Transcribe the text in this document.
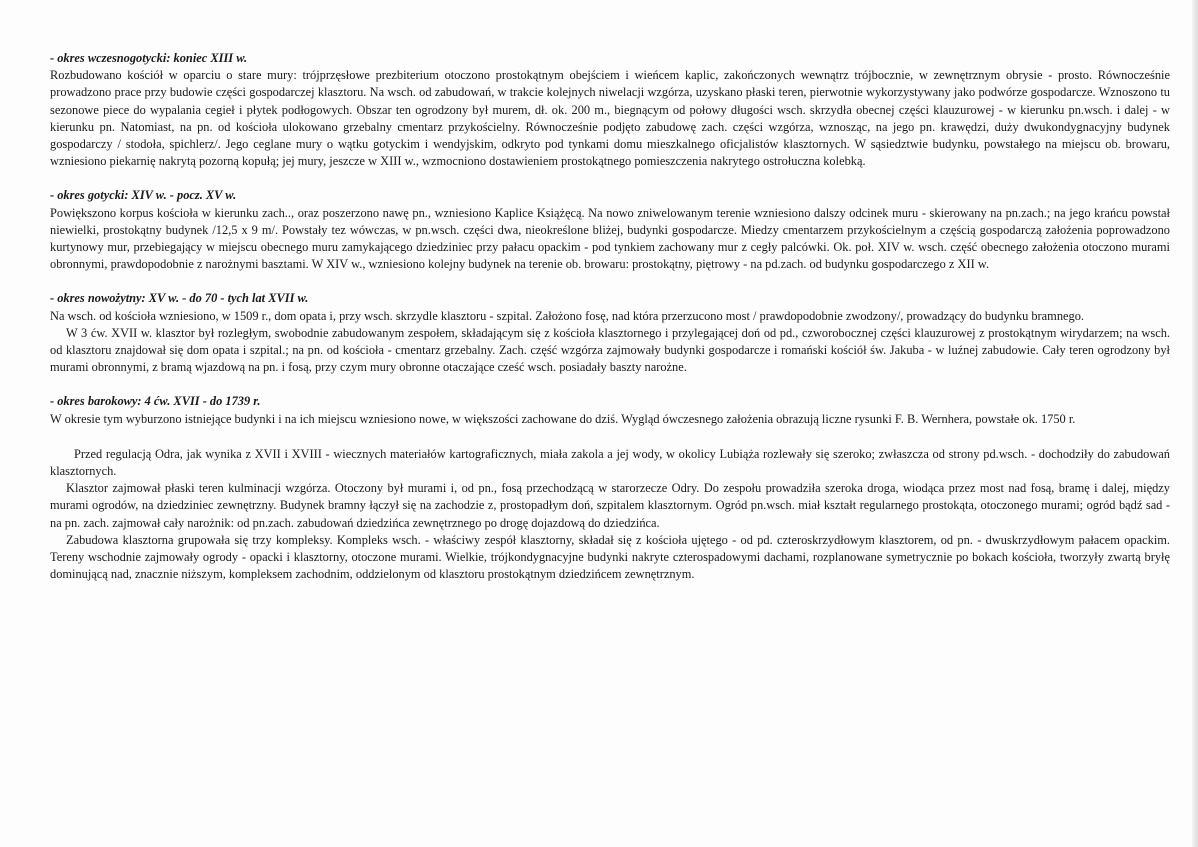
- okres wczesnogotycki: koniec XIII w.

Rozbudowano kościół w oparciu o stare mury: trójprzęsłowe prezbiterium otoczono prostokątnym obejściem i wieńcem kaplic, zakończonych wewnątrz trójbocznie, w zewnętrznym obrysie - prosto. Równocześnie prowadzono prace przy budowie części gospodarczej klasztoru. Na wsch. od zabudowań, w trakcie kolejnych niwelacji wzgórza, uzyskano płaski teren, pierwotnie wykorzystywany jako podwórze gospodarcze. Wznoszono tu sezonowe piece do wypalania cegieł i płytek podłogowych. Obszar ten ogrodzony był murem, dł. ok. 200 m., biegnącym od połowy długości wsch. skrzydła obecnej części klauzurowej - w kierunku pn.wsch. i dalej - w kierunku pn. Natomiast, na pn. od kościoła ulokowano grzebalny cmentarz przykościelny. Równocześnie podjęto zabudowę zach. części wzgórza, wznosząc, na jego pn. krawędzi, duży dwukondygnacyjny budynek gospodarczy / stodoła, spichlerz/. Jego ceglane mury o wątku gotyckim i wendyjskim, odkryto pod tynkami domu mieszkalnego oficjalistów klasztornych. W sąsiedztwie budynku, powstałego na miejscu ob. browaru, wzniesiono piekarnię nakrytą pozorną kopułą; jej mury, jeszcze w XIII w., wzmocniono dostawieniem prostokątnego pomieszczenia nakrytego ostrołuczna kolebką.

- okres gotycki: XIV w. - pocz. XV w.

Powiększono korpus kościoła w kierunku zach.., oraz poszerzono nawę pn., wzniesiono Kaplice Książęcą. Na nowo zniwelowanym terenie wzniesiono dalszy odcinek muru - skierowany na pn.zach.; na jego krańcu powstał niewielki, prostokątny budynek /12,5 x 9 m/. Powstały tez wówczas, w pn.wsch. części dwa, nieokreślone bliżej, budynki gospodarcze. Miedzy cmentarzem przykościelnym a częścią gospodarczą założenia poprowadzono kurtynowy mur, przebiegający w miejscu obecnego muru zamykającego dziedziniec przy pałacu opackim - pod tynkiem zachowany mur z cegły palcówki. Ok. poł. XIV w. wsch. część obecnego założenia otoczono murami obronnymi, prawdopodobnie z narożnymi basztami. W XIV w., wzniesiono kolejny budynek na terenie ob. browaru: prostokątny, piętrowy - na pd.zach. od budynku gospodarczego z XII w.

- okres nowożytny: XV w. - do 70 - tych lat XVII w.

Na wsch. od kościoła wzniesiono, w 1509 r., dom opata i, przy wsch. skrzydle klasztoru - szpital. Założono fosę, nad która przerzucono most / prawdopodobnie zwodzony/, prowadzący do budynku bramnego.

W 3 ćw. XVII w. klasztor był rozległym, swobodnie zabudowanym zespołem, składającym się z kościoła klasztornego i przylegającej doń od pd., czworobocznej części klauzurowej z prostokątnym wirydarzem; na wsch. od klasztoru znajdował się dom opata i szpital.; na pn. od kościoła - cmentarz grzebalny. Zach. część wzgórza zajmowały budynki gospodarcze i romański kościół św. Jakuba - w luźnej zabudowie. Cały teren ogrodzony był murami obronnymi, z bramą wjazdową na pn. i fosą, przy czym mury obronne otaczające cześć wsch. posiadały baszty narożne.

- okres barokowy: 4 ćw. XVII - do 1739 r.

W okresie tym wyburzono istniejące budynki i na ich miejscu wzniesiono nowe, w większości zachowane do dziś. Wygląd ówczesnego założenia obrazują liczne rysunki F. B. Wernhera, powstałe ok. 1750 r.

Przed regulacją Odra, jak wynika z XVII i XVIII - wiecznych materiałów kartograficznych, miała zakola a jej wody, w okolicy Lubiąża rozlewały się szeroko; zwłaszcza od strony pd.wsch. - dochodziły do zabudowań klasztornych.

Klasztor zajmował płaski teren kulminacji wzgórza. Otoczony był murami i, od pn., fosą przechodzącą w starorzecze Odry. Do zespołu prowadziła szeroka droga, wiodąca przez most nad fosą, bramę i dalej, między murami ogrodów, na dziedziniec zewnętrzny. Budynek bramny łączył się na zachodzie z, prostopadłym doń, szpitalem klasztornym. Ogród pn.wsch. miał kształt regularnego prostokąta, otoczonego murami; ogród bądź sad - na pn. zach. zajmował cały narożnik: od pn.zach. zabudowań dziedzińca zewnętrznego po drogę dojazdową do dziedzińca.

Zabudowa klasztorna grupowała się trzy kompleksy. Kompleks wsch. - właściwy zespół klasztorny, składał się z kościoła ujętego - od pd. czteroskrzydłowym klasztorem, od pn. - dwuskrzydłowym pałacem opackim. Tereny wschodnie zajmowały ogrody - opacki i klasztorny, otoczone murami. Wielkie, trójkondygnacyjne budynki nakryte czterospadowymi dachami, rozplanowane symetrycznie po bokach kościoła, tworzyły zwartą bryłę dominującą nad, znacznie niższym, kompleksem zachodnim, oddzielonym od klasztoru prostokątnym dziedzińcem zewnętrznym.
